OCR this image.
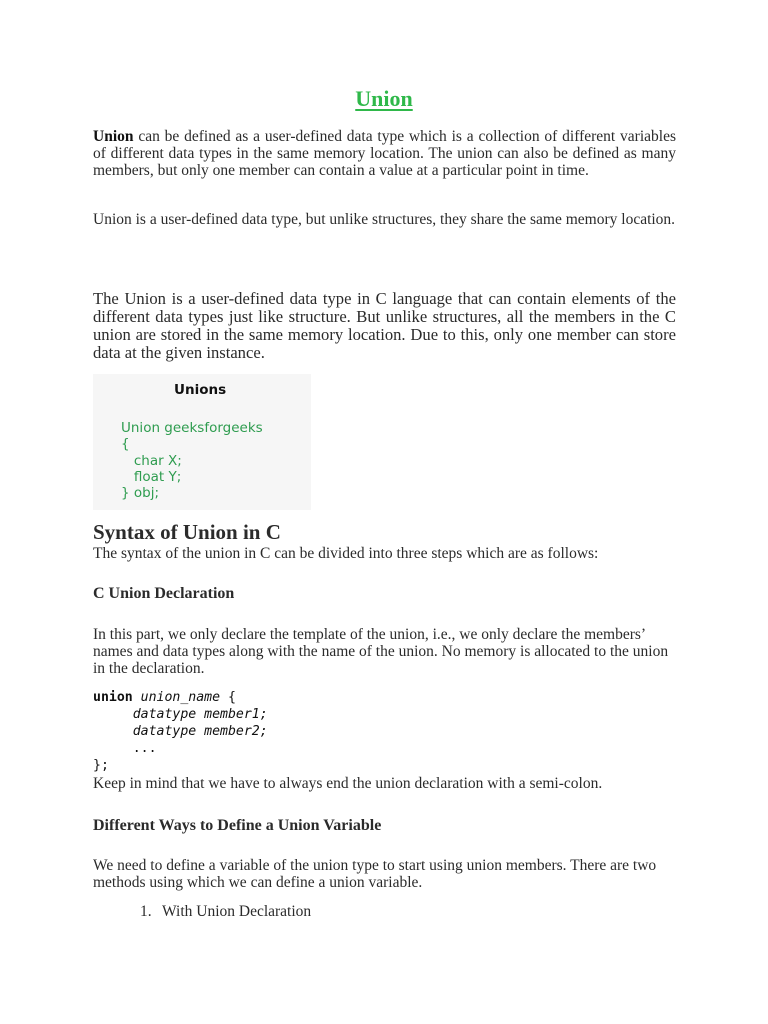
Union
Union can be defined as a user-defined data type which is a collection of different variables of different data types in the same memory location. The union can also be defined as many members, but only one member can contain a value at a particular point in time.
Union is a user-defined data type, but unlike structures, they share the same memory location.
The Union is a user-defined data type in C language that can contain elements of the different data types just like structure. But unlike structures, all the members in the C union are stored in the same memory location. Due to this, only one member can store data at the given instance.
Unions
Union geeksforgeeks
{
char X;
float Y;
} obj;
Syntax of Union in C
The syntax of the union in C can be divided into three steps which are as follows:
C Union Declaration
In this part, we only declare the template of the union, i.e., we only declare the members’ names and data types along with the name of the union. No memory is allocated to the union in the declaration.
union union_name {
datatype member1;
datatype member2;
...
};
Keep in mind that we have to always end the union declaration with a semi-colon.
Different Ways to Define a Union Variable
We need to define a variable of the union type to start using union members. There are two methods using which we can define a union variable.
1. With Union Declaration
